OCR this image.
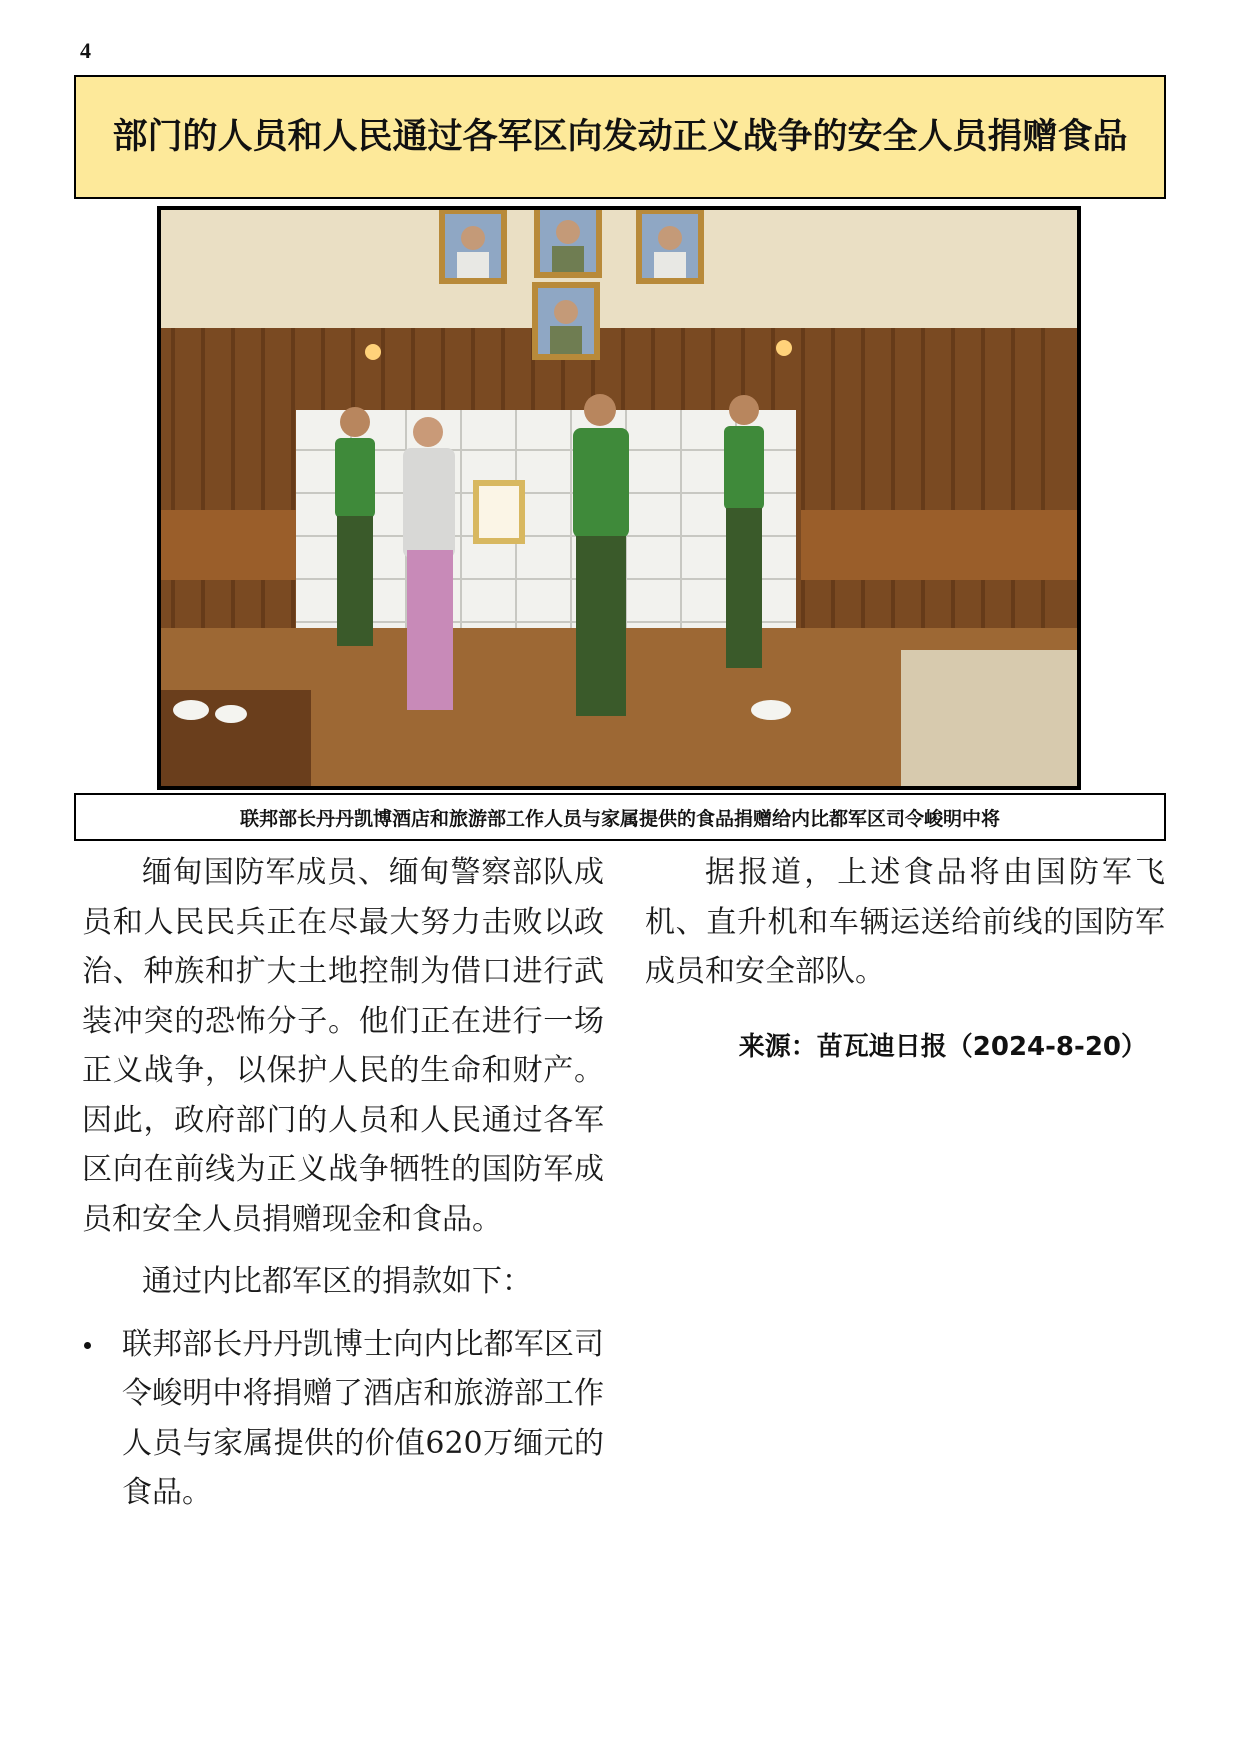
4
部门的人员和人民通过各军区向发动正义战争的安全人员捐赠食品
联邦部长丹丹凯博酒店和旅游部工作人员与家属提供的食品捐赠给内比都军区司令峻明中将

缅甸国防军成员、缅甸警察部队成员和人民民兵正在尽最大努力击败以政治、种族和扩大土地控制为借口进行武装冲突的恐怖分子。他们正在进行一场正义战争，以保护人民的生命和财产。因此，政府部门的人员和人民通过各军区向在前线为正义战争牺牲的国防军成员和安全人员捐赠现金和食品。

通过内比都军区的捐款如下：

联邦部长丹丹凯博士向内比都军区司令峻明中将捐赠了酒店和旅游部工作人员与家属提供的价值620万缅元的食品。

据报道，上述食品将由国防军飞机、直升机和车辆运送给前线的国防军成员和安全部队。

来源：苗瓦迪日报（2024-8-20）
